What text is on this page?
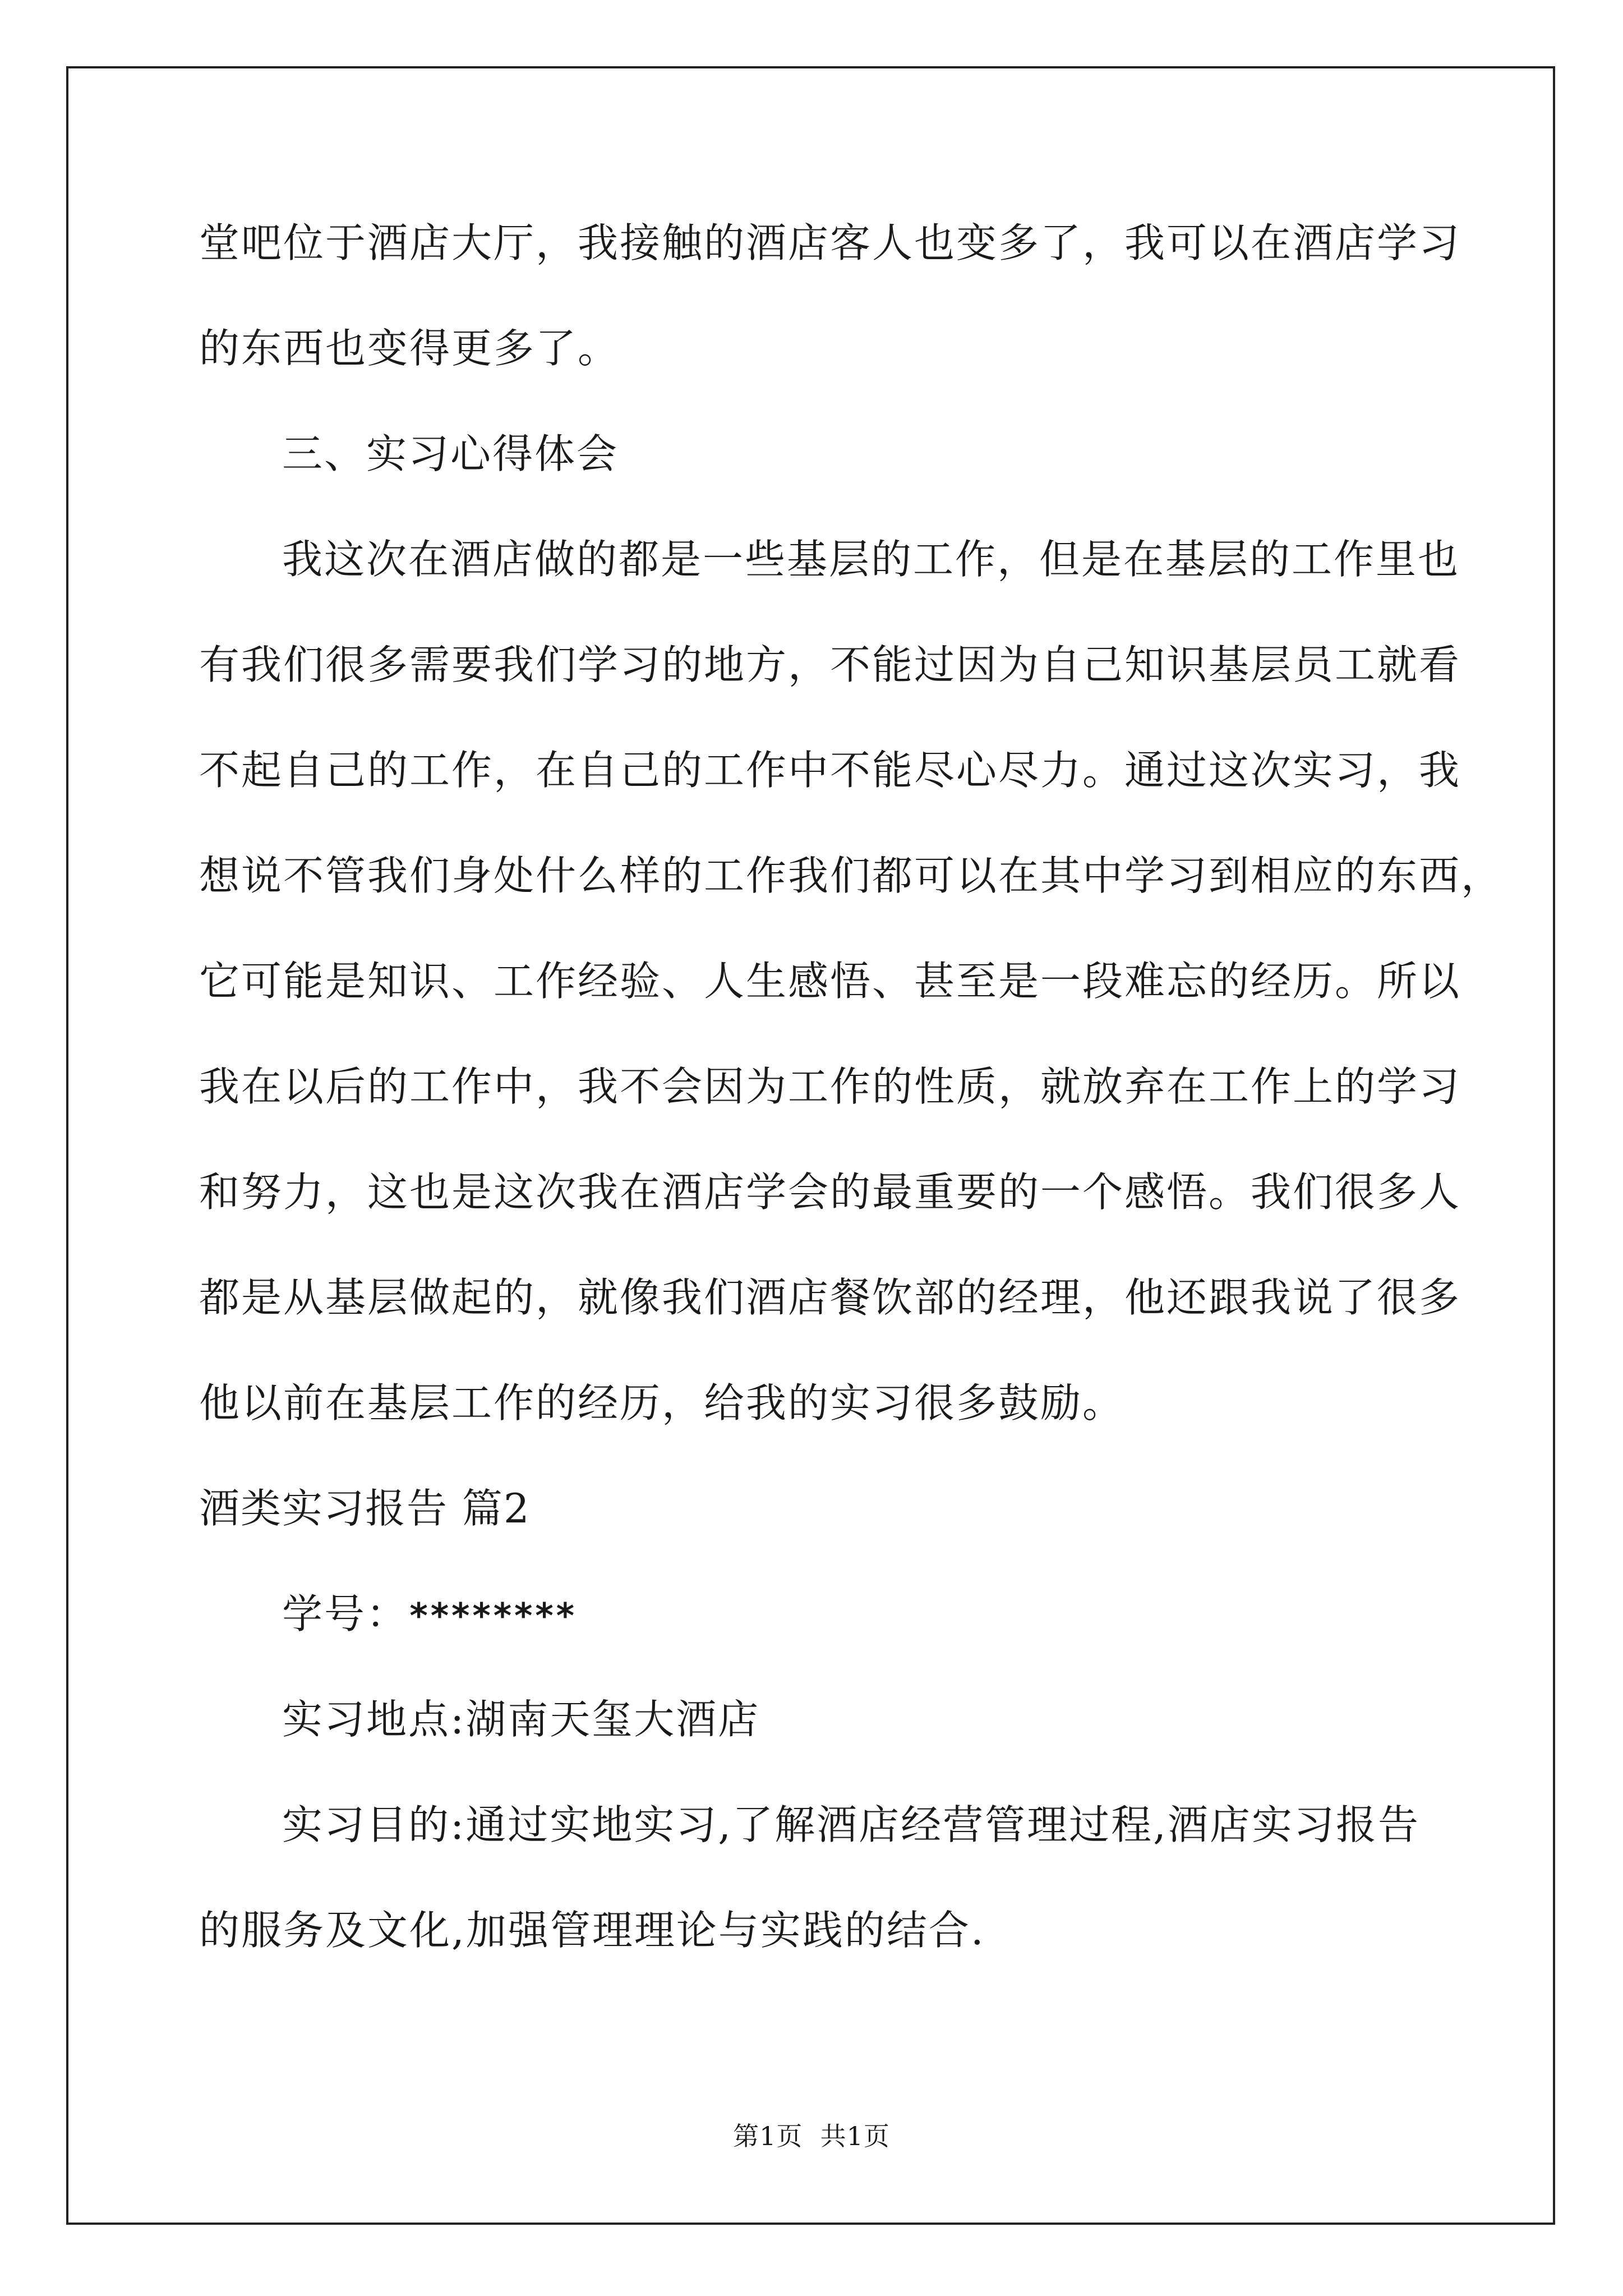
堂吧位于酒店大厅，我接触的酒店客人也变多了，我可以在酒店学习
的东西也变得更多了。
三、实习心得体会
我这次在酒店做的都是一些基层的工作，但是在基层的工作里也
有我们很多需要我们学习的地方，不能过因为自己知识基层员工就看
不起自己的工作，在自己的工作中不能尽心尽力。通过这次实习，我
想说不管我们身处什么样的工作我们都可以在其中学习到相应的东西，
它可能是知识、工作经验、人生感悟、甚至是一段难忘的经历。所以
我在以后的工作中，我不会因为工作的性质，就放弃在工作上的学习
和努力，这也是这次我在酒店学会的最重要的一个感悟。我们很多人
都是从基层做起的，就像我们酒店餐饮部的经理，他还跟我说了很多
他以前在基层工作的经历，给我的实习很多鼓励。
酒类实习报告 篇2
学号：********
实习地点:湖南天玺大酒店
实习目的:通过实地实习,了解酒店经营管理过程,酒店实习报告
的服务及文化,加强管理理论与实践的结合.
第1页  共1页
